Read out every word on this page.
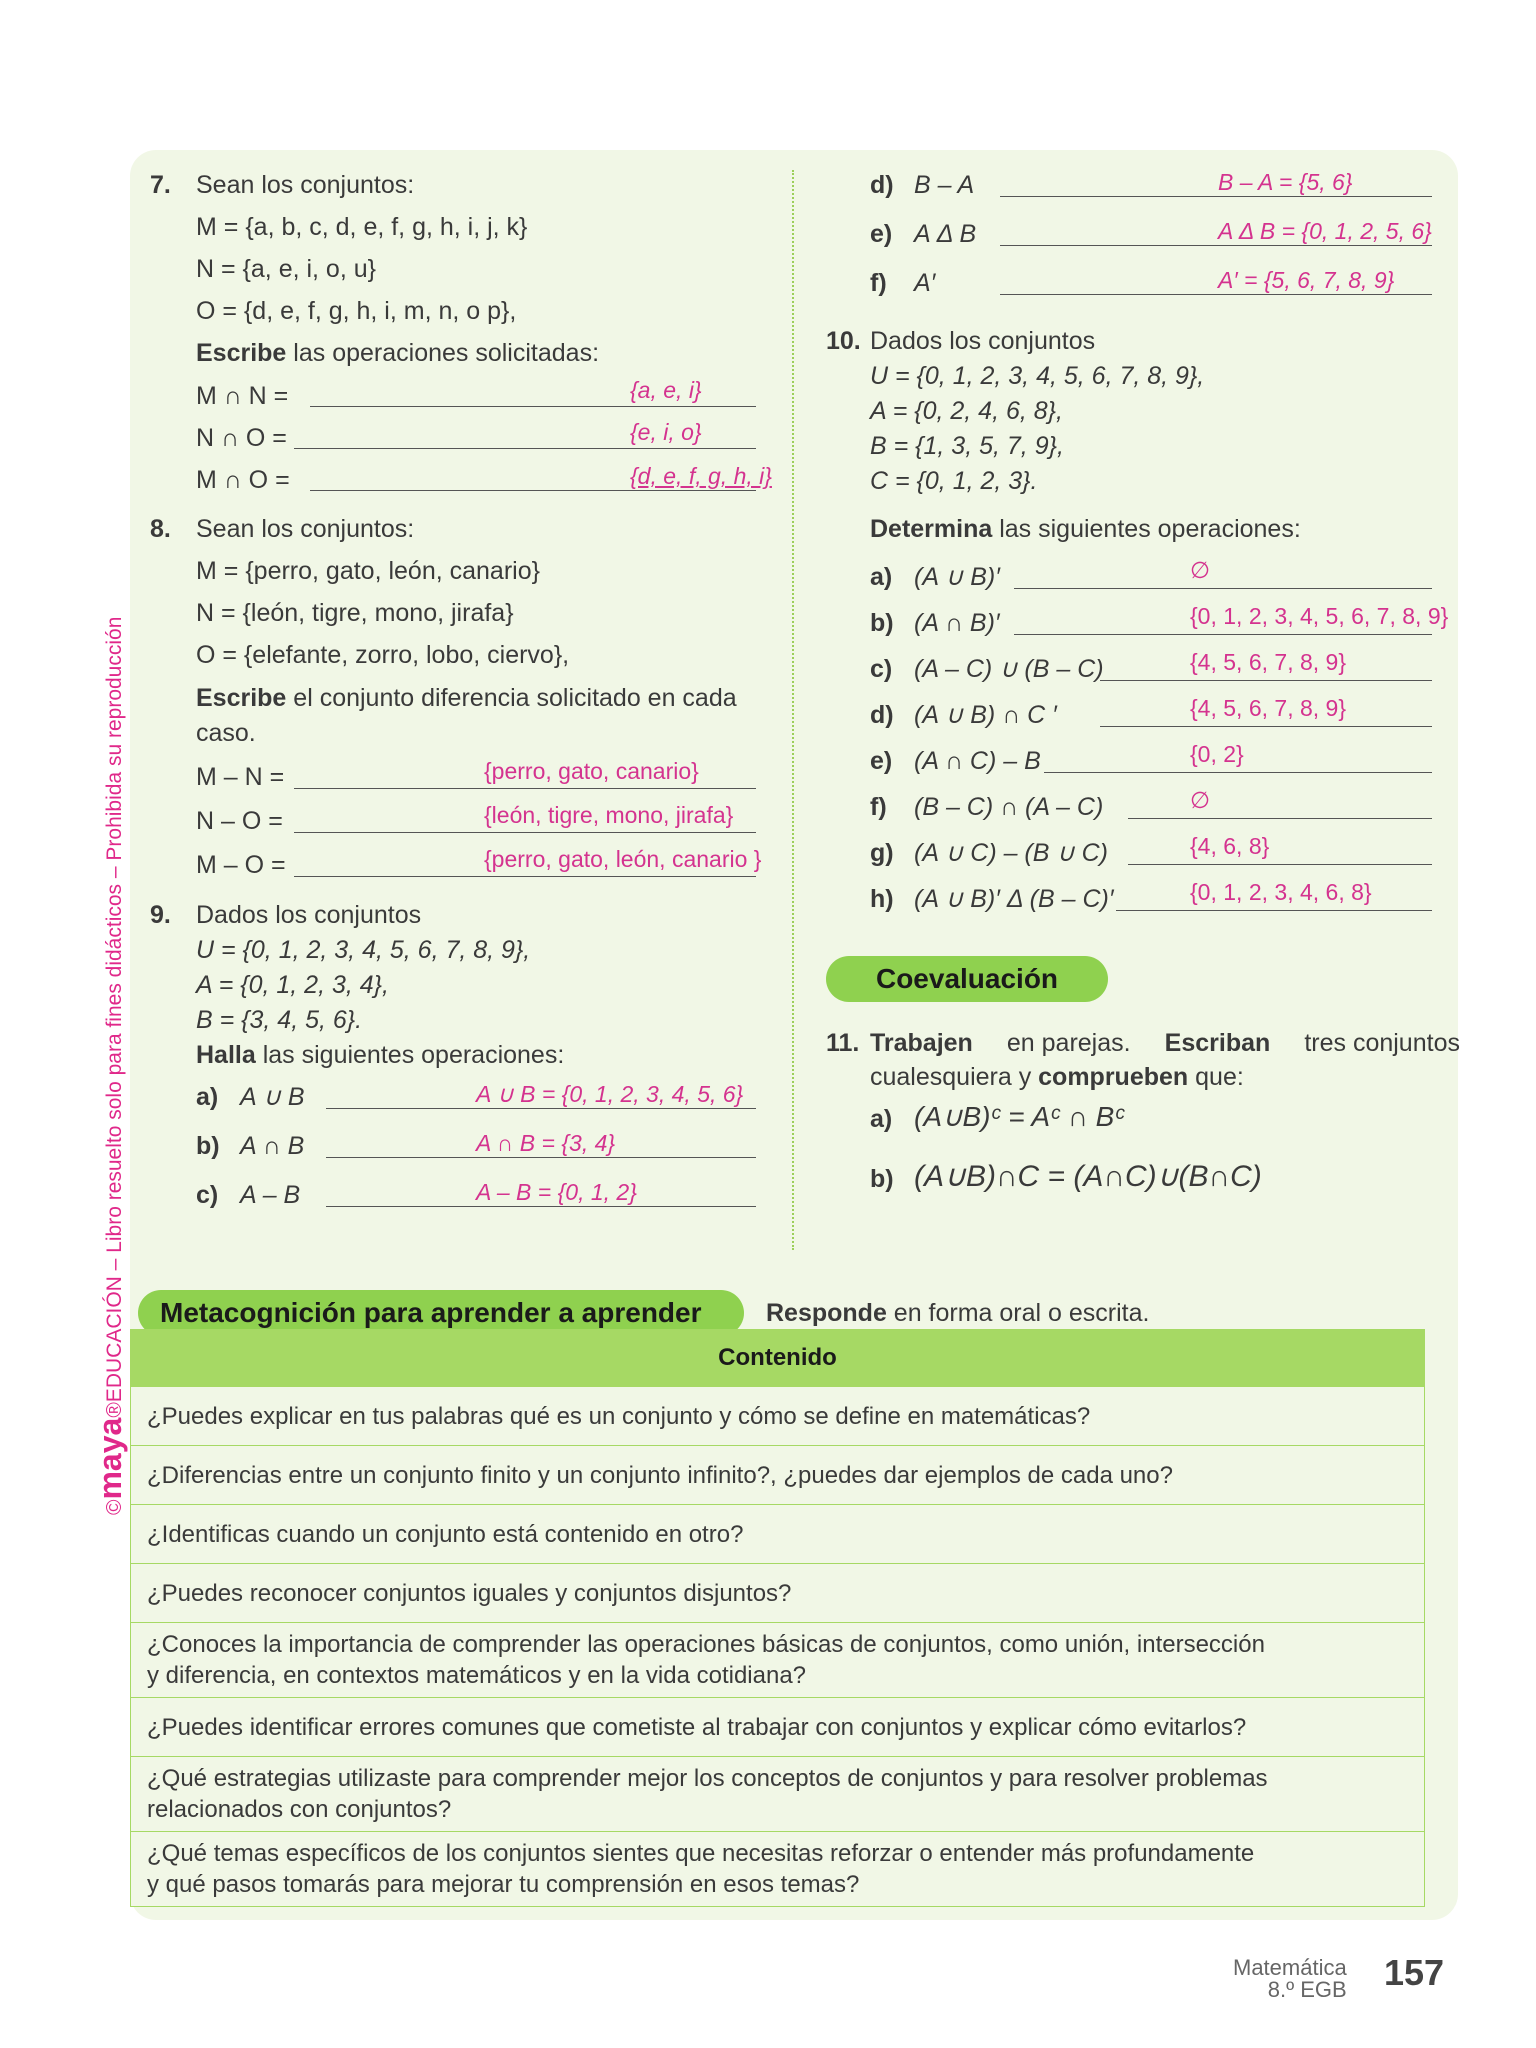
©maya®EDUCACIÓN – Libro resuelto solo para fines didácticos – Prohibida su reproducción
7. Sean los conjuntos:
M = {a, b, c, d, e, f, g, h, i, j, k}
N = {a, e, i, o, u}
O = {d, e, f, g, h, i, m, n, o p},
Escribe las operaciones solicitadas:
M ∩ N =	{a, e, i}
N ∩ O =	{e, i, o}
M ∩ O =	{d, e, f, g, h, i}
8. Sean los conjuntos:
M = {perro, gato, león, canario}
N = {león, tigre, mono, jirafa}
O = {elefante, zorro, lobo, ciervo},
Escribe el conjunto diferencia solicitado en cada
caso.
M – N =	{perro, gato, canario}
N – O =	{león, tigre, mono, jirafa}
M – O =	{perro, gato, león, canario }
9. Dados los conjuntos
U = {0, 1, 2, 3, 4, 5, 6, 7, 8, 9},
A = {0, 1, 2, 3, 4},
B = {3, 4, 5, 6}.
Halla las siguientes operaciones:
a) A ∪ B	A ∪ B = {0, 1, 2, 3, 4, 5, 6}
b) A ∩ B	A ∩ B = {3, 4}
c) A – B	A – B = {0, 1, 2}
d) B – A	B – A = {5, 6}
e) A Δ B	A Δ B = {0, 1, 2, 5, 6}
f) A′	A′ = {5, 6, 7, 8, 9}
10. Dados los conjuntos
U = {0, 1, 2, 3, 4, 5, 6, 7, 8, 9},
A = {0, 2, 4, 6, 8},
B = {1, 3, 5, 7, 9},
C = {0, 1, 2, 3}.
Determina las siguientes operaciones:
a) (A ∪ B)′	∅
b) (A ∩ B)′	{0, 1, 2, 3, 4, 5, 6, 7, 8, 9}
c) (A – C) ∪ (B – C)	{4, 5, 6, 7, 8, 9}
d) (A ∪ B) ∩ C ′	{4, 5, 6, 7, 8, 9}
e) (A ∩ C) – B	{0, 2}
f) (B – C) ∩ (A – C)	∅
g) (A ∪ C) – (B ∪ C)	{4, 6, 8}
h) (A ∪ B)′ Δ (B – C)′	{0, 1, 2, 3, 4, 6, 8}
Coevaluación
11. Trabajen en parejas. Escriban tres conjuntos
cualesquiera y comprueben que:
a) (A∪B)ᶜ = Aᶜ ∩ Bᶜ
b) (A∪B)∩C = (A∩C)∪(B∩C)
Metacognición para aprender a aprender	Responde en forma oral o escrita.
Contenido
¿Puedes explicar en tus palabras qué es un conjunto y cómo se define en matemáticas?
¿Diferencias entre un conjunto finito y un conjunto infinito?, ¿puedes dar ejemplos de cada uno?
¿Identificas cuando un conjunto está contenido en otro?
¿Puedes reconocer conjuntos iguales y conjuntos disjuntos?
¿Conoces la importancia de comprender las operaciones básicas de conjuntos, como unión, intersección
y diferencia, en contextos matemáticos y en la vida cotidiana?
¿Puedes identificar errores comunes que cometiste al trabajar con conjuntos y explicar cómo evitarlos?
¿Qué estrategias utilizaste para comprender mejor los conceptos de conjuntos y para resolver problemas
relacionados con conjuntos?
¿Qué temas específicos de los conjuntos sientes que necesitas reforzar o entender más profundamente
y qué pasos tomarás para mejorar tu comprensión en esos temas?
Matemática
8.º EGB 157
